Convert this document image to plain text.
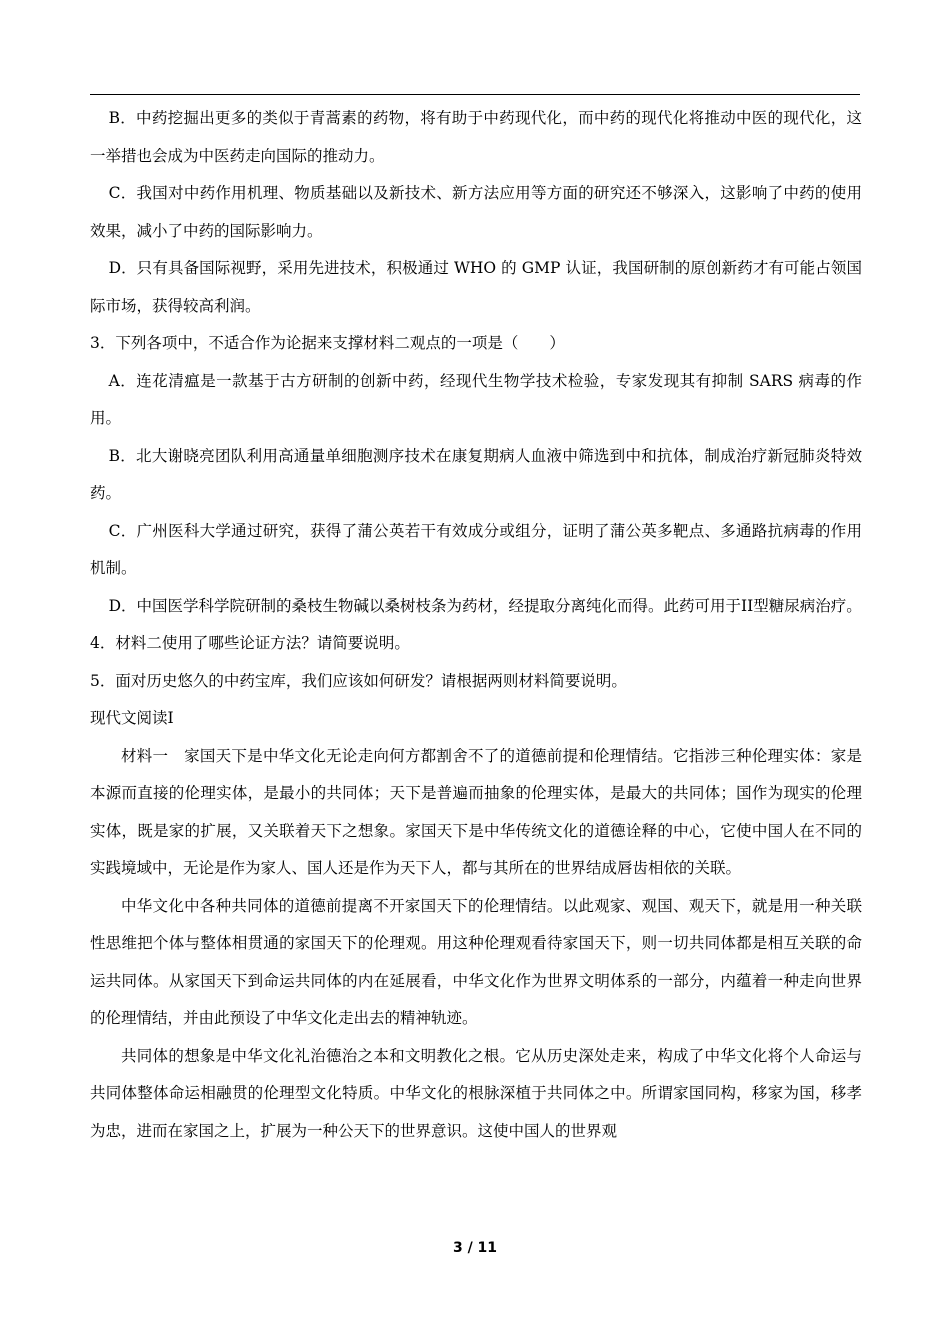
B．中药挖掘出更多的类似于青蒿素的药物，将有助于中药现代化，而中药的现代化将推动中医的现代化，这一举措也会成为中医药走向国际的推动力。

C．我国对中药作用机理、物质基础以及新技术、新方法应用等方面的研究还不够深入，这影响了中药的使用效果，减小了中药的国际影响力。

D．只有具备国际视野，采用先进技术，积极通过 WHO 的 GMP 认证，我国研制的原创新药才有可能占领国际市场，获得较高利润。

3．下列各项中，不适合作为论据来支撑材料二观点的一项是（　　）

A．连花清瘟是一款基于古方研制的创新中药，经现代生物学技术检验，专家发现其有抑制 SARS 病毒的作用。

B．北大谢晓亮团队利用高通量单细胞测序技术在康复期病人血液中筛选到中和抗体，制成治疗新冠肺炎特效药。

C．广州医科大学通过研究，获得了蒲公英若干有效成分或组分，证明了蒲公英多靶点、多通路抗病毒的作用机制。

D．中国医学科学院研制的桑枝生物碱以桑树枝条为药材，经提取分离纯化而得。此药可用于II型糖尿病治疗。

4．材料二使用了哪些论证方法？请简要说明。

5．面对历史悠久的中药宝库，我们应该如何研发？请根据两则材料简要说明。

现代文阅读I

材料一　家国天下是中华文化无论走向何方都割舍不了的道德前提和伦理情结。它指涉三种伦理实体：家是本源而直接的伦理实体，是最小的共同体；天下是普遍而抽象的伦理实体，是最大的共同体；国作为现实的伦理实体，既是家的扩展，又关联着天下之想象。家国天下是中华传统文化的道德诠释的中心，它使中国人在不同的实践境域中，无论是作为家人、国人还是作为天下人，都与其所在的世界结成唇齿相依的关联。

中华文化中各种共同体的道德前提离不开家国天下的伦理情结。以此观家、观国、观天下，就是用一种关联性思维把个体与整体相贯通的家国天下的伦理观。用这种伦理观看待家国天下，则一切共同体都是相互关联的命运共同体。从家国天下到命运共同体的内在延展看，中华文化作为世界文明体系的一部分，内蕴着一种走向世界的伦理情结，并由此预设了中华文化走出去的精神轨迹。

共同体的想象是中华文化礼治德治之本和文明教化之根。它从历史深处走来，构成了中华文化将个人命运与共同体整体命运相融贯的伦理型文化特质。中华文化的根脉深植于共同体之中。所谓家国同构，移家为国，移孝为忠，进而在家国之上，扩展为一种公天下的世界意识。这使中国人的世界观

3 / 11
